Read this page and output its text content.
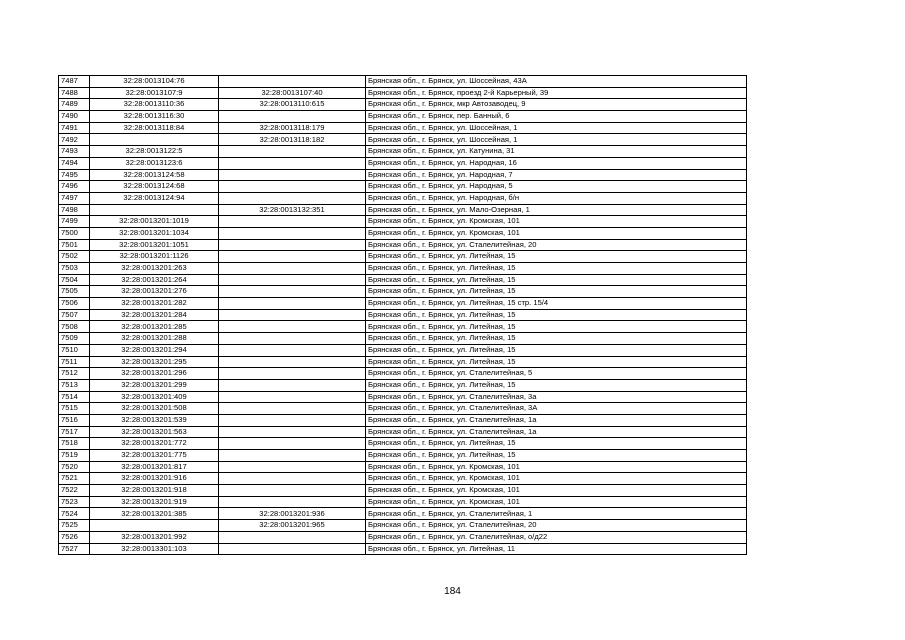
7487	32:28:0013104:76		Брянская обл., г. Брянск, ул. Шоссейная, 43А
7488	32:28:0013107:9	32:28:0013107:40	Брянская обл., г. Брянск, проезд 2-й Карьерный, 39
7489	32:28:0013110:36	32:28:0013110:615	Брянская обл., г. Брянск, мкр Автозаводец, 9
7490	32:28:0013116:30		Брянская обл., г. Брянск, пер. Банный, 6
7491	32:28:0013118:84	32:28:0013118:179	Брянская обл., г. Брянск, ул. Шоссейная, 1
7492		32:28:0013118:182	Брянская обл., г. Брянск, ул. Шоссейная, 1
7493	32:28:0013122:5		Брянская обл., г. Брянск, ул. Катунина, 31
7494	32:28:0013123:6		Брянская обл., г. Брянск, ул. Народная, 16
7495	32:28:0013124:58		Брянская обл., г. Брянск, ул. Народная, 7
7496	32:28:0013124:68		Брянская обл., г. Брянск, ул. Народная, 5
7497	32:28:0013124:94		Брянская обл., г. Брянск, ул. Народная, б/н
7498		32:28:0013132:351	Брянская обл., г. Брянск, ул. Мало-Озерная, 1
7499	32:28:0013201:1019		Брянская обл., г. Брянск, ул. Кромская, 101
7500	32:28:0013201:1034		Брянская обл., г. Брянск, ул. Кромская, 101
7501	32:28:0013201:1051		Брянская обл., г. Брянск, ул. Сталелитейная, 20
7502	32:28:0013201:1126		Брянская обл., г. Брянск, ул. Литейная, 15
7503	32:28:0013201:263		Брянская обл., г. Брянск, ул. Литейная, 15
7504	32:28:0013201:264		Брянская обл., г. Брянск, ул. Литейная, 15
7505	32:28:0013201:276		Брянская обл., г. Брянск, ул. Литейная, 15
7506	32:28:0013201:282		Брянская обл., г. Брянск, ул. Литейная, 15 стр. 15/4
7507	32:28:0013201:284		Брянская обл., г. Брянск, ул. Литейная, 15
7508	32:28:0013201:285		Брянская обл., г. Брянск, ул. Литейная, 15
7509	32:28:0013201:288		Брянская обл., г. Брянск, ул. Литейная, 15
7510	32:28:0013201:294		Брянская обл., г. Брянск, ул. Литейная, 15
7511	32:28:0013201:295		Брянская обл., г. Брянск, ул. Литейная, 15
7512	32:28:0013201:296		Брянская обл., г. Брянск, ул. Сталелитейная, 5
7513	32:28:0013201:299		Брянская обл., г. Брянск, ул. Литейная, 15
7514	32:28:0013201:409		Брянская обл., г. Брянск, ул. Сталелитейная, 3а
7515	32:28:0013201:508		Брянская обл., г. Брянск, ул. Сталелитейная, 3А
7516	32:28:0013201:539		Брянская обл., г. Брянск, ул. Сталелитейная, 1а
7517	32:28:0013201:563		Брянская обл., г. Брянск, ул. Сталелитейная, 1а
7518	32:28:0013201:772		Брянская обл., г. Брянск, ул. Литейная, 15
7519	32:28:0013201:775		Брянская обл., г. Брянск, ул. Литейная, 15
7520	32:28:0013201:817		Брянская обл., г. Брянск, ул. Кромская, 101
7521	32:28:0013201:916		Брянская обл., г. Брянск, ул. Кромская, 101
7522	32:28:0013201:918		Брянская обл., г. Брянск, ул. Кромская, 101
7523	32:28:0013201:919		Брянская обл., г. Брянск, ул. Кромская, 101
7524	32:28:0013201:385	32:28:0013201:936	Брянская обл., г. Брянск, ул. Сталелитейная, 1
7525		32:28:0013201:965	Брянская обл., г. Брянск, ул. Сталелитейная, 20
7526	32:28:0013201:992		Брянская обл., г. Брянск, ул. Сталелитейная, о/д22
7527	32:28:0013301:103		Брянская обл., г. Брянск, ул. Литейная, 11
184
